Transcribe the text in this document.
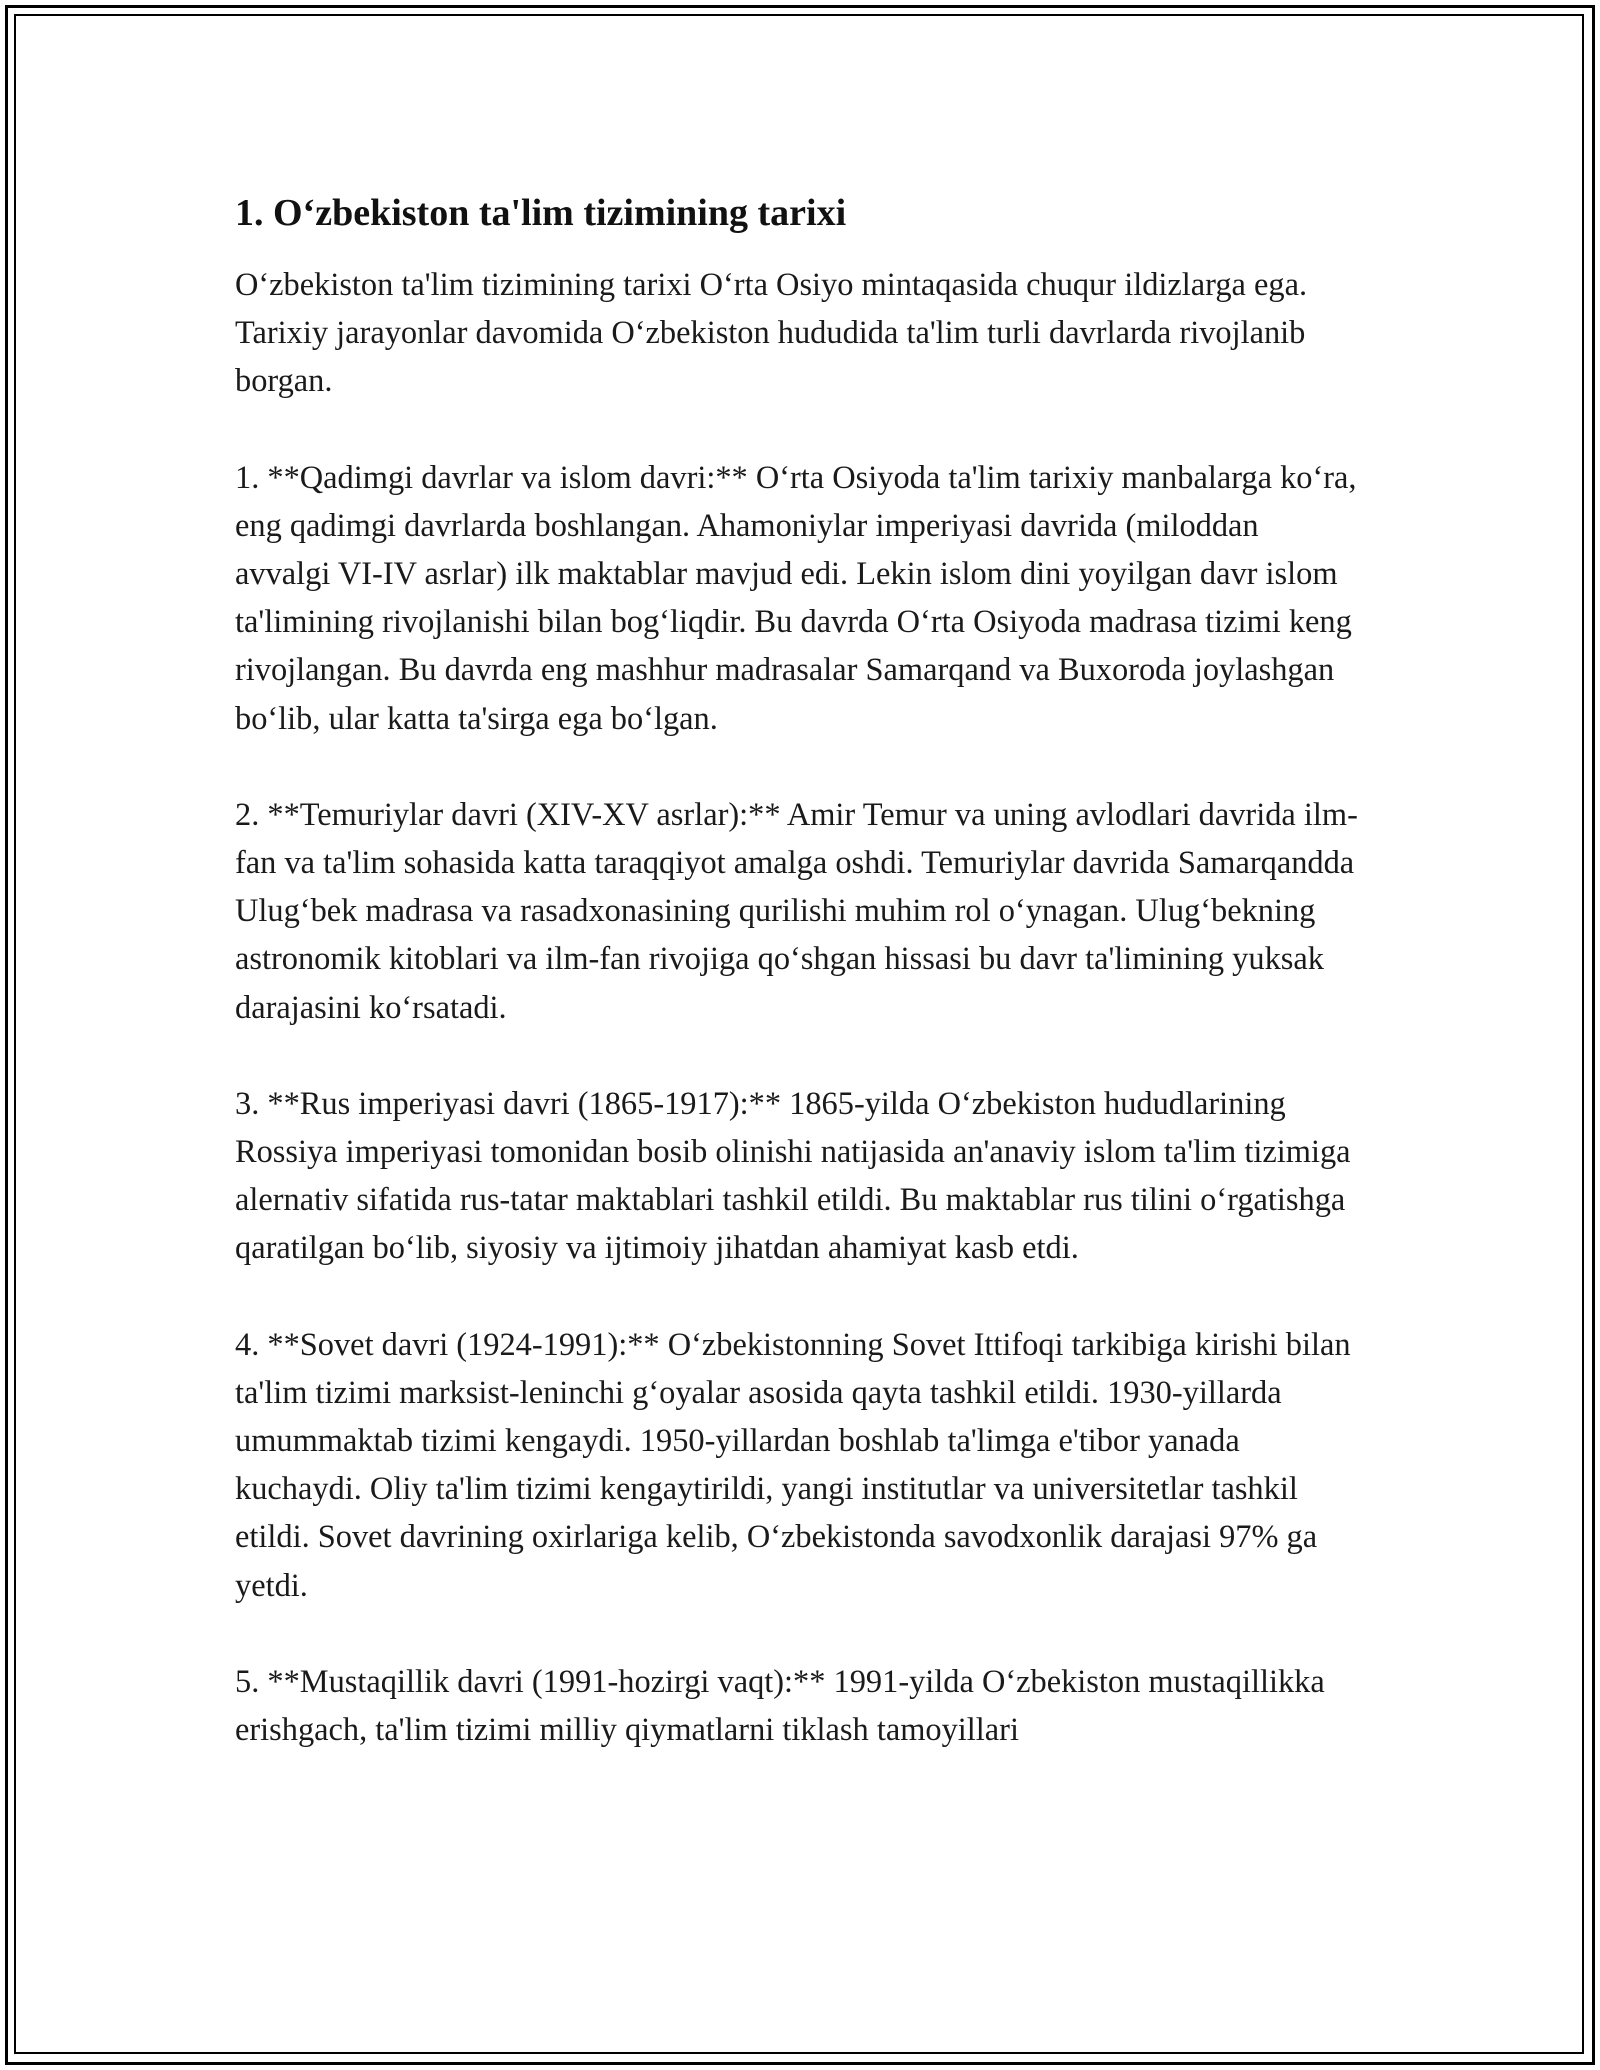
1. O‘zbekiston ta'lim tizimining tarixi

O‘zbekiston ta'lim tizimining tarixi O‘rta Osiyo mintaqasida chuqur ildizlarga ega. Tarixiy jarayonlar davomida O‘zbekiston hududida ta'lim turli davrlarda rivojlanib borgan.

1. **Qadimgi davrlar va islom davri:** O‘rta Osiyoda ta'lim tarixiy manbalarga ko‘ra, eng qadimgi davrlarda boshlangan. Ahamoniylar imperiyasi davrida (miloddan avvalgi VI-IV asrlar) ilk maktablar mavjud edi. Lekin islom dini yoyilgan davr islom ta'limining rivojlanishi bilan bog‘liqdir. Bu davrda O‘rta Osiyoda madrasa tizimi keng rivojlangan. Bu davrda eng mashhur madrasalar Samarqand va Buxoroda joylashgan bo‘lib, ular katta ta'sirga ega bo‘lgan.

2. **Temuriylar davri (XIV-XV asrlar):** Amir Temur va uning avlodlari davrida ilm-fan va ta'lim sohasida katta taraqqiyot amalga oshdi. Temuriylar davrida Samarqandda Ulug‘bek madrasa va rasadxonasining qurilishi muhim rol o‘ynagan. Ulug‘bekning astronomik kitoblari va ilm-fan rivojiga qo‘shgan hissasi bu davr ta'limining yuksak darajasini ko‘rsatadi.

3. **Rus imperiyasi davri (1865-1917):** 1865-yilda O‘zbekiston hududlarining Rossiya imperiyasi tomonidan bosib olinishi natijasida an'anaviy islom ta'lim tizimiga alernativ sifatida rus-tatar maktablari tashkil etildi. Bu maktablar rus tilini o‘rgatishga qaratilgan bo‘lib, siyosiy va ijtimoiy jihatdan ahamiyat kasb etdi.

4. **Sovet davri (1924-1991):** O‘zbekistonning Sovet Ittifoqi tarkibiga kirishi bilan ta'lim tizimi marksist-leninchi g‘oyalar asosida qayta tashkil etildi. 1930-yillarda umummaktab tizimi kengaydi. 1950-yillardan boshlab ta'limga e'tibor yanada kuchaydi. Oliy ta'lim tizimi kengaytirildi, yangi institutlar va universitetlar tashkil etildi. Sovet davrining oxirlariga kelib, O‘zbekistonda savodxonlik darajasi 97% ga yetdi.

5. **Mustaqillik davri (1991-hozirgi vaqt):** 1991-yilda O‘zbekiston mustaqillikka erishgach, ta'lim tizimi milliy qiymatlarni tiklash tamoyillari
